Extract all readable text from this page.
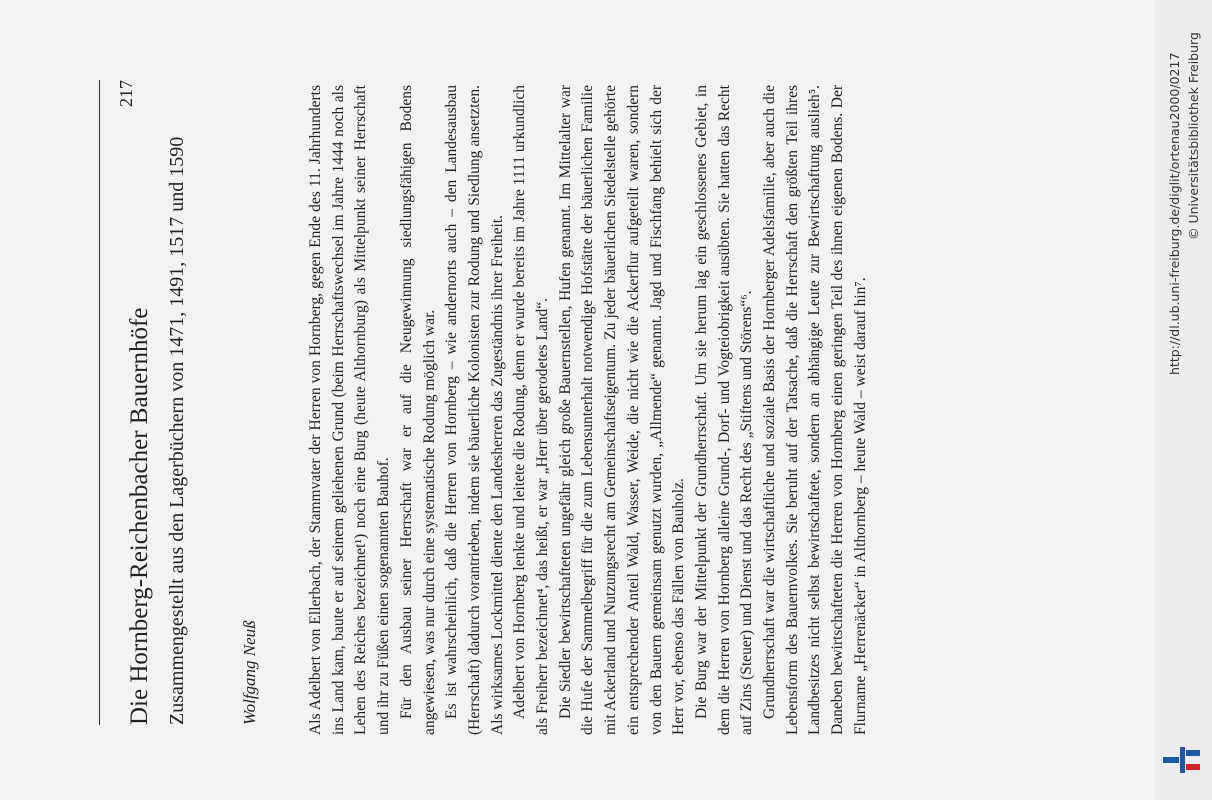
217
Die Hornberg-Reichenbacher Bauernhöfe Zusammengestellt aus den Lagerbüchern von 1471, 1491, 1517 und 1590	Wolfgang Neuß	Als Adelbert von Ellerbach, der Stammvater der Herren von Hornberg, gegen Ende des 11. Jahrhunderts ins Land kam, baute er auf seinem geliehenen Grund (beim Herrschaftswechsel im Jahre 1444 noch als Lehen des Reiches bezeichnet¹) noch eine Burg (heute Althornburg) als Mittelpunkt seiner Herrschaft und ihr zu Füßen einen sogenannten Bauhof. Für den Ausbau seiner Herrschaft war er auf die Neugewinnung siedlungsfähigen Bodens angewiesen, was nur durch eine systematische Rodung möglich war. Es ist wahrscheinlich, daß die Herren von Hornberg – wie andernorts auch – den Landesausbau (Herrschaft) dadurch vorantrieben, indem sie bäuerliche Kolonisten zur Rodung und Siedlung ansetzten. Als wirksames Lockmittel diente den Landesherren das Zugeständnis ihrer Freiheit. Adelbert von Hornberg lenkte und leitete die Rodung, denn er wurde bereits im Jahre 1111 urkundlich als Freiherr bezeichnet⁴, das heißt, er war „Herr über gerodetes Land“. Die Siedler bewirtschafteten ungefähr gleich große Bauernstellen, Hufen genannt. Im Mittelalter war die Hufe der Sammelbegriff für die zum Lebensunterhalt notwendige Hofstätte der bäuerlichen Familie mit Ackerland und Nutzungsrecht am Gemeinschaftseigentum. Zu jeder bäuerlichen Siedelstelle gehörte ein entsprechender Anteil Wald, Wasser, Weide, die nicht wie die Ackerflur aufgeteilt waren, sondern von den Bauern gemeinsam genutzt wurden, „Allmende“ genannt. Jagd und Fischfang behielt sich der Herr vor, ebenso das Fällen von Bauholz. Die Burg war der Mittelpunkt der Grundherrschaft. Um sie herum lag ein geschlossenes Gebiet, in dem die Herren von Hornberg alleine Grund-, Dorf- und Vogteiobrigkeit ausübten. Sie hatten das Recht auf Zins (Steuer) und Dienst und das Recht des „Stiftens und Störens“⁶. Grundherrschaft war die wirtschaftliche und soziale Basis der Hornberger Adelsfamilie, aber auch die Lebensform des Bauernvolkes. Sie beruht auf der Tatsache, daß die Herrschaft den größten Teil ihres Landbesitzes nicht selbst bewirtschaftete, sondern an abhängige Leute zur Bewirtschaftung auslieh⁵. Daneben bewirtschafteten die Herren von Hornberg einen geringen Teil des ihnen eigenen Bodens. Der Flurname „Herrenäcker“ in Althornberg – heute Wald – weist darauf hin⁷.

http://dl.ub.uni-freiburg.de/diglit/ortenau2000/0217 © Universitätsbibliothek Freiburg
